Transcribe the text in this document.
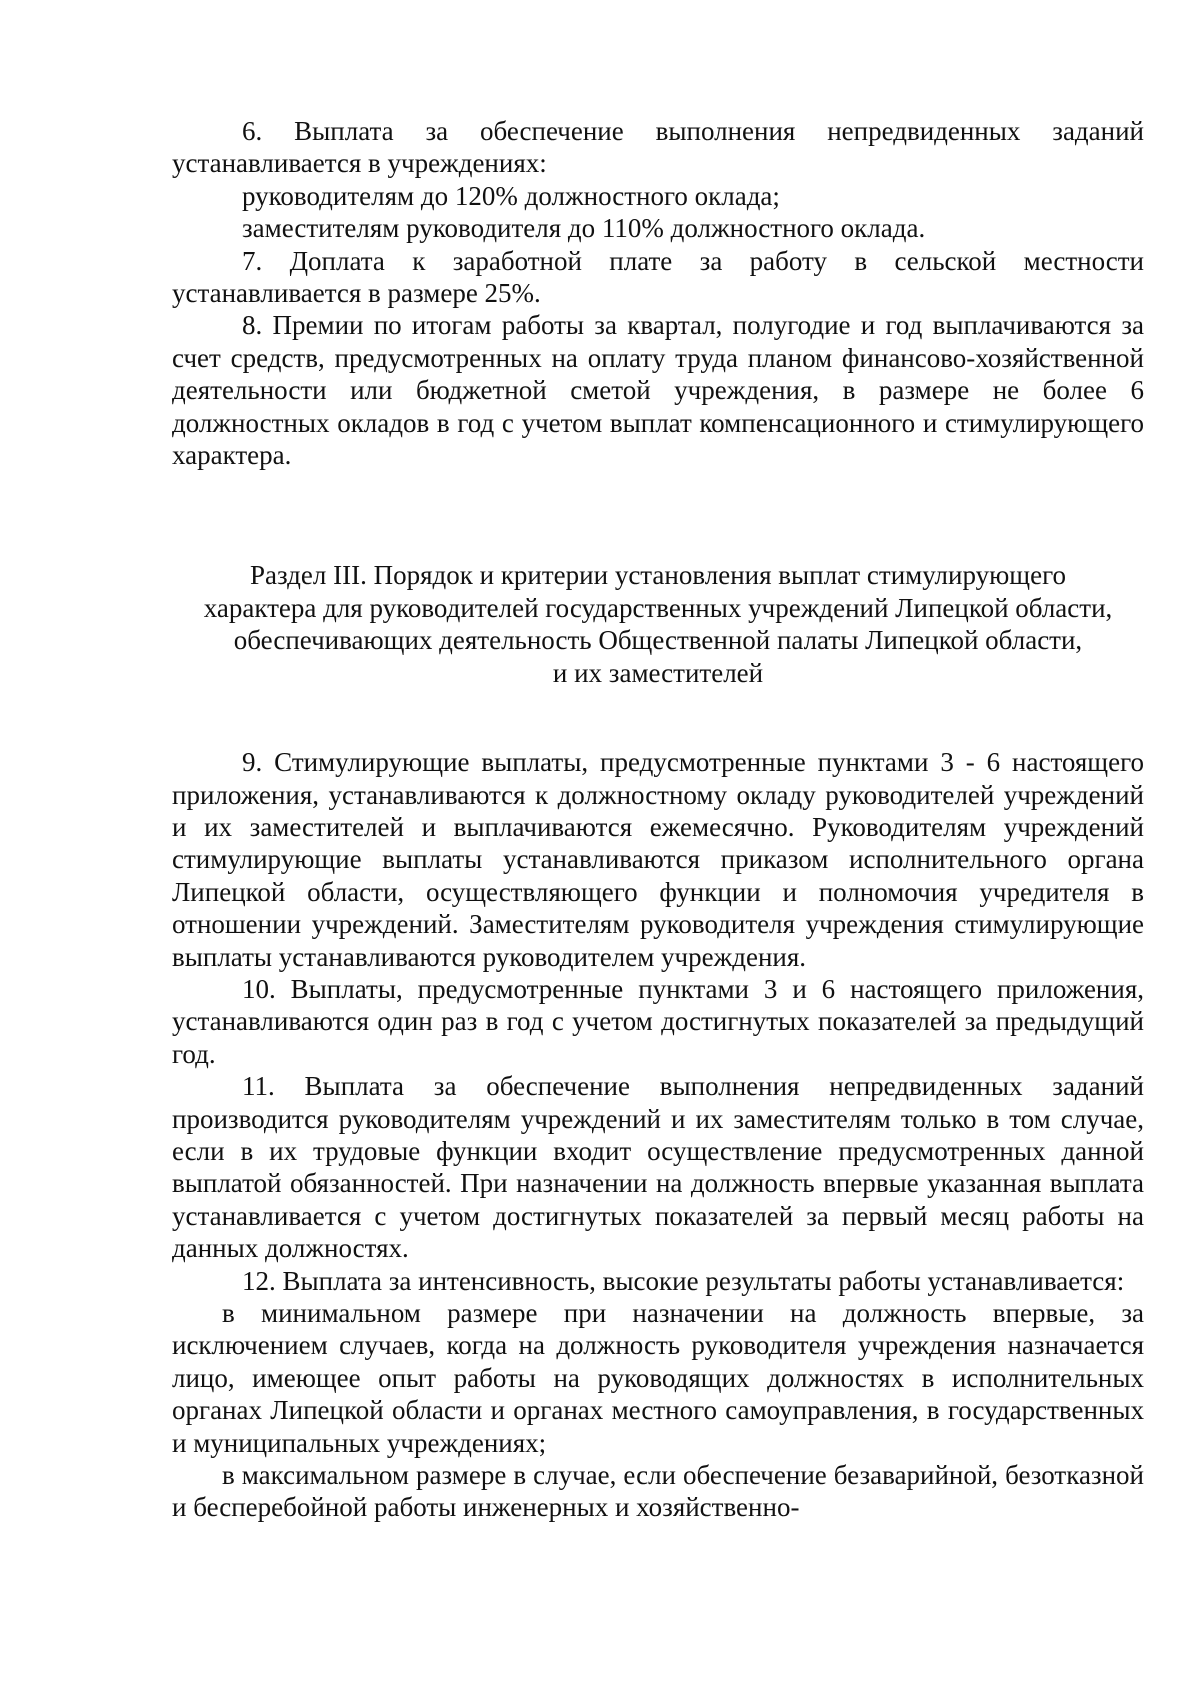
6. Выплата за обеспечение выполнения непредвиденных заданий устанавливается в учреждениях:

руководителям до 120% должностного оклада;

заместителям руководителя до 110% должностного оклада.

7. Доплата к заработной плате за работу в сельской местности устанавливается в размере 25%.

8. Премии по итогам работы за квартал, полугодие и год выплачиваются за счет средств, предусмотренных на оплату труда планом финансово-хозяйственной деятельности или бюджетной сметой учреждения, в размере не более 6 должностных окладов в год с учетом выплат компенсационного и стимулирующего характера.

Раздел III. Порядок и критерии установления выплат стимулирующего
характера для руководителей государственных учреждений Липецкой области,
обеспечивающих деятельность Общественной палаты Липецкой области,
и их заместителей

9. Стимулирующие выплаты, предусмотренные пунктами 3 - 6 настоящего приложения, устанавливаются к должностному окладу руководителей учреждений и их заместителей и выплачиваются ежемесячно. Руководителям учреждений стимулирующие выплаты устанавливаются приказом исполнительного органа Липецкой области, осуществляющего функции и полномочия учредителя в отношении учреждений. Заместителям руководителя учреждения стимулирующие выплаты устанавливаются руководителем учреждения.

10. Выплаты, предусмотренные пунктами 3 и 6 настоящего приложения, устанавливаются один раз в год с учетом достигнутых показателей за предыдущий год.

11. Выплата за обеспечение выполнения непредвиденных заданий производится руководителям учреждений и их заместителям только в том случае, если в их трудовые функции входит осуществление предусмотренных данной выплатой обязанностей. При назначении на должность впервые указанная выплата устанавливается с учетом достигнутых показателей за первый месяц работы на данных должностях.

12. Выплата за интенсивность, высокие результаты работы устанавливается:

в минимальном размере при назначении на должность впервые, за исключением случаев, когда на должность руководителя учреждения назначается лицо, имеющее опыт работы на руководящих должностях в исполнительных органах Липецкой области и органах местного самоуправления, в государственных и муниципальных учреждениях;

в максимальном размере в случае, если обеспечение безаварийной, безотказной и бесперебойной работы инженерных и хозяйственно-
